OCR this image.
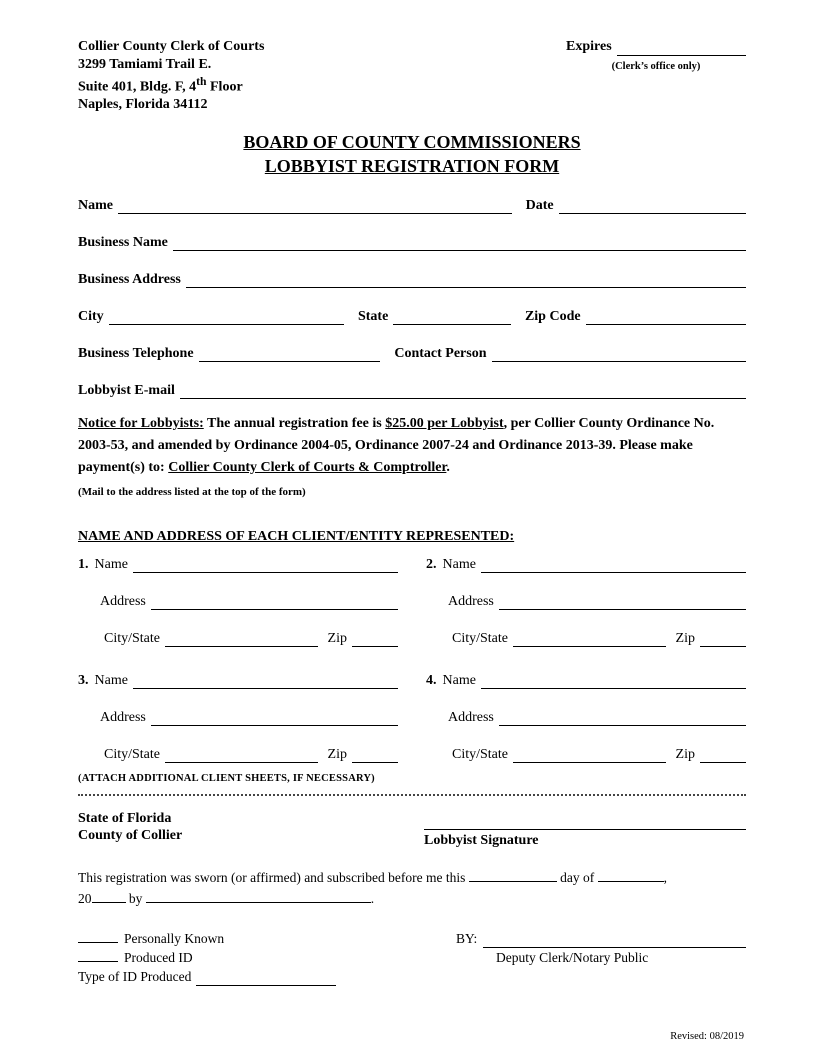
Collier County Clerk of Courts
3299 Tamiami Trail E.
Suite 401, Bldg. F, 4th Floor
Naples, Florida 34112
Expires
(Clerk’s office only)
BOARD OF COUNTY COMMISSIONERS
LOBBYIST REGISTRATION FORM
Name	Date
Business Name
Business Address
City	State	Zip Code
Business Telephone	Contact Person
Lobbyist E-mail
Notice for Lobbyists: The annual registration fee is $25.00 per Lobbyist, per Collier County Ordinance No. 2003-53, and amended by Ordinance 2004-05, Ordinance 2007-24 and Ordinance 2013-39. Please make payment(s) to: Collier County Clerk of Courts & Comptroller.
(Mail to the address listed at the top of the form)
NAME AND ADDRESS OF EACH CLIENT/ENTITY REPRESENTED:
1. Name
Address
City/State	Zip
2. Name
Address
City/State	Zip
3. Name
Address
City/State	Zip
4. Name
Address
City/State	Zip
(ATTACH ADDITIONAL CLIENT SHEETS, IF NECESSARY)
State of Florida
County of Collier	Lobbyist Signature
This registration was sworn (or affirmed) and subscribed before me this	day of	,
20	by	.
Personally Known
Produced ID
Type of ID Produced
BY:
Deputy Clerk/Notary Public
Revised: 08/2019
